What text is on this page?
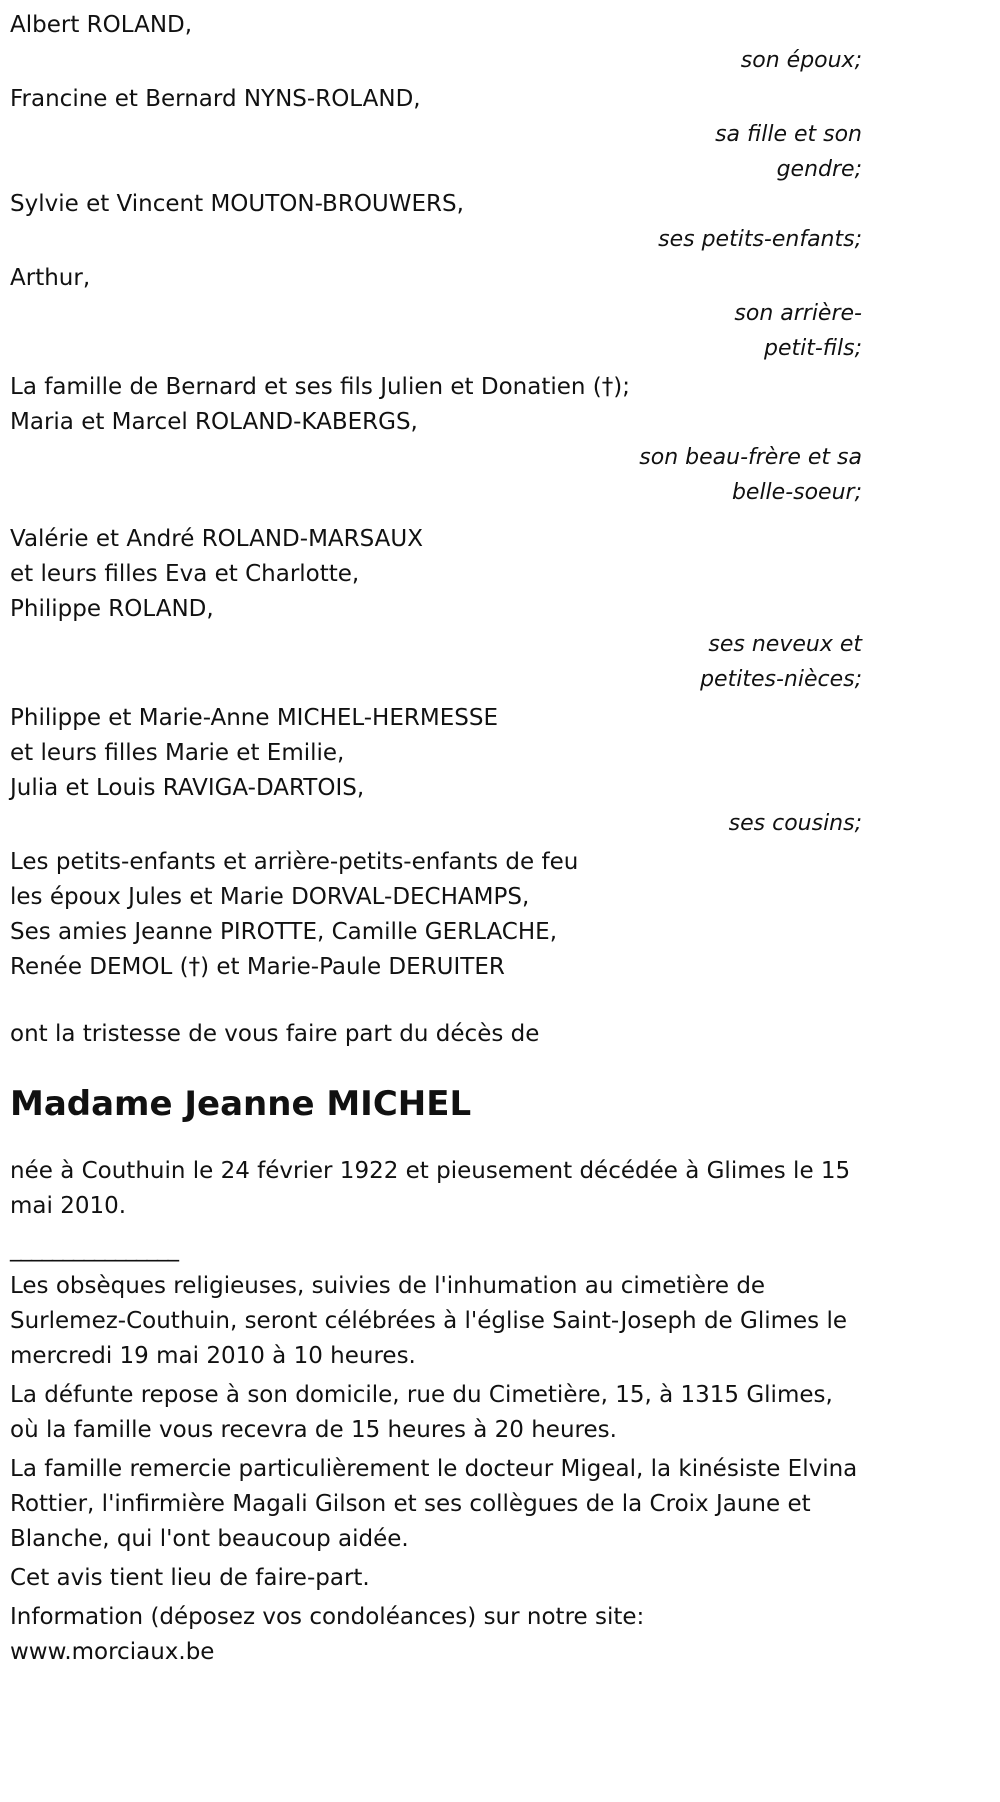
Albert ROLAND,
son époux;
Francine et Bernard NYNS-ROLAND,
sa fille et son gendre;
Sylvie et Vincent MOUTON-BROUWERS,
ses petits-enfants;
Arthur,
son arrière-petit-fils;
La famille de Bernard et ses fils Julien et Donatien (†);
Maria et Marcel ROLAND-KABERGS,
son beau-frère et sa belle-soeur;
Valérie et André ROLAND-MARSAUX
et leurs filles Eva et Charlotte,
Philippe ROLAND,
ses neveux et petites-nièces;
Philippe et Marie-Anne MICHEL-HERMESSE
et leurs filles Marie et Emilie,
Julia et Louis RAVIGA-DARTOIS,
ses cousins;
Les petits-enfants et arrière-petits-enfants de feu
les époux Jules et Marie DORVAL-DECHAMPS,
Ses amies Jeanne PIROTTE, Camille GERLACHE,
Renée DEMOL (†) et Marie-Paule DERUITER
ont la tristesse de vous faire part du décès de
Madame Jeanne MICHEL

née à Couthuin le 24 février 1922 et pieusement décédée à Glimes le 15 mai 2010.

________________

Les obsèques religieuses, suivies de l'inhumation au cimetière de Surlemez-Couthuin, seront célébrées à l'église Saint-Joseph de Glimes le mercredi 19 mai 2010 à 10 heures.

La défunte repose à son domicile, rue du Cimetière, 15, à 1315 Glimes, où la famille vous recevra de 15 heures à 20 heures.

La famille remercie particulièrement le docteur Migeal, la kinésiste Elvina Rottier, l'infirmière Magali Gilson et ses collègues de la Croix Jaune et Blanche, qui l'ont beaucoup aidée.

Cet avis tient lieu de faire-part.

Information (déposez vos condoléances) sur notre site:

www.morciaux.be
